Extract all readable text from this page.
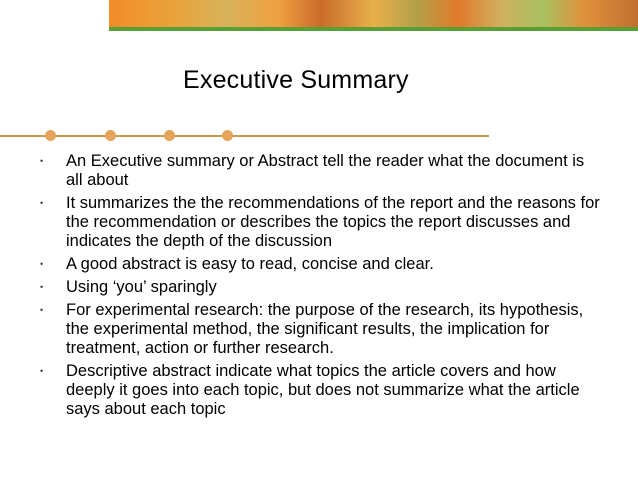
Executive Summary
• An Executive summary or Abstract tell the reader what the document is all about
• It summarizes the the recommendations of the report and the reasons for the recommendation or describes the topics the report discusses and indicates the depth of the discussion
• A good abstract is easy to read, concise and clear.
• Using ‘you’ sparingly
• For experimental research: the purpose of the research, its hypothesis, the experimental method, the significant results, the implication for treatment, action or further research.
• Descriptive abstract indicate what topics the article covers and how deeply it goes into each topic, but does not summarize what the article says about each topic
